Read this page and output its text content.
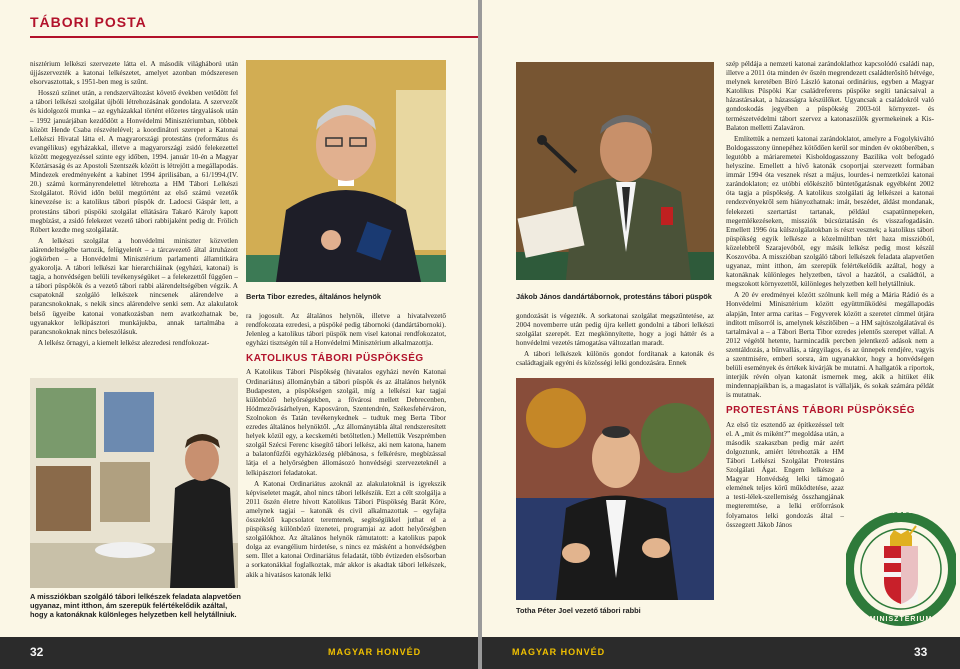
TÁBORI POSTA

nisztérium lelkészi szervezete látta el. A második világháború után újjászervezték a katonai lelkészetet, amelyet azonban módszeresen elsorvasztottak, s 1951-ben meg is szűnt.

Hosszú szünet után, a rendszerváltozást követő években vetődött fel a tábori lelkészi szolgálat újbóli létrehozásának gondolata. A szervezőt és kidolgozói munka – az egyházakkal történt előzetes tárgyalások után – 1992 januárjában kezdődött a Honvédelmi Minisztériumban, többek között Hende Csaba részvételével; a koordinátori szerepet a Katonai Lelkészi Hivatal látta el. A magyarországi protestáns (református és evangélikus) egyházakkal, illetve a magyarországi zsidó felekezettel között megegyezéssel szinte egy időben, 1994. január 10-én a Magyar Köztársaság és az Apostoli Szentszék között is létrejött a megállapodás. Mindezek eredményeként a kabinet 1994 áprilisában, a 61/1994.(IV. 20.) számú kormányrendelettel létrehozta a HM Tábori Lelkészi Szolgálatot. Rövid időn belül megtörtént az első számú vezetők kinevezése is: a katolikus tábori püspök dr. Ladocsi Gáspár lett, a protestáns tábori püspöki szolgálat ellátására Takaró Károly kapott megbízást, a zsidó felekezet vezető tábori rabbijaként pedig dr. Frölich Róbert kezdte meg szolgálatát.

A lelkészi szolgálat a honvédelmi miniszter közvetlen alárendeltségébe tartozik, felügyeletét – a tárcavezető által átruházott jogkörben – a Honvédelmi Minisztérium parlamenti államtitkára gyakorolja. A tábori lelkészi kar hierarchiáinak (egyházi, katonai) is tagja, a honvédségen belüli tevékenységüket – a felekezettől függően – a tábori püspökök és a vezető tábori rabbi alárendeltségében végzik. A csapatoknál szolgáló lelkészek nincsenek alárendelve a parancsnokoknak, s nekik sincs alárendelve senki sem. Az alakulatok belső ügyeibe katonai vonatkozásban nem avatkozhatnak be, ugyanakkor lelkipásztori munkájukba, annak tartalmába a parancsnokoknak nincs beleszólásuk.

A lelkész őrnagyi, a kiemelt lelkész alezredesi rendfokozat-

Berta Tibor ezredes, általános helynök

ra jogosult. Az általános helynök, illetve a hivatalvezető rendfokozata ezredesi, a püspöké pedig tábornoki (dandártábornoki). Jelenleg a katolikus tábori püspök nem visel katonai rendfokozatot, egyházi tisztségén túl a Honvédelmi Minisztérium alkalmazottja.

KATOLIKUS TÁBORI PÜSPÖKSÉG

A Katolikus Tábori Püspökség (hivatalos egyházi nevén Katonai Ordinariátus) állománybán a tábori püspök és az általános helynök Budapesten, a püspökségen szolgál, míg a lelkészi kar tagjai különböző helyőrségekben, a fővárosi mellett Debrecenben, Hódmezővásárhelyen, Kaposváron, Szentendrén, Székesfehérváron, Szolnokon és Tatán tevékenykednek – tudtuk meg Berta Tibor ezredes általános helynöktől. „Az állománytábla által rendszeresített helyek közül egy, a kecskeméti betöltetlen.) Mellettük Veszprémben szolgál Szécsi Ferenc kisegítő tábori lelkész, aki nem katona, hanem a balatonfűzfői egyházközség plébánosa, s felkérésre, megbízással látja el a helyőrségben állomásozó honvédségi szervezeteknél a lelkipásztori feladatokat.

A Katonai Ordinariátus azoknál az alakulatoknál is igyekszik képviseletet magát, ahol nincs tábori lelkészük. Ezt a célt szolgálja a 2011 őszén életre hívott Katolikus Tábori Püspökség Barát Köre, amelynek tagjai – katonák és civil alkalmazottak – egyfajta összekötő kapcsolatot teremtenek, segítségükkel juthat el a püspökség különböző üzenetei, programjai az adott helyőrségben szolgálókhoz. Az általános helynök rámutatott: a katolikus papok dolga az evangélium hirdetése, s nincs ez másként a honvédségben sem. Illet a katonai Ordinariátus feladatát, több évtizeden elsősorban a sorkatonákkal foglalkoztak, már akkor is akadtak tábori lelkészek, akik a hivatásos katonák lelki

A missziókban szolgáló tábori lelkészek feladata alapvetően ugyanaz, mint itthon, ám szerepük felértékelődik azáltal, hogy a katonáknak különleges helyzetben kell helytállniuk.
32	MAGYAR HONVÉD
Jákob János dandártábornok, protestáns tábori püspök

gondozását is végezték. A sorkatonai szolgálat megszűntetése, az 2004 novemberre után pedig újra kellett gondolni a tábori lelkészi szolgálat szerepét. Ezt megkönnyítette, hogy a jogi háttér és a honvédelmi vezetés támogatása változatlan maradt.

A tábori lelkészek különös gondot fordítanak a katonák és családtagjaik egyéni és közösségi lelki gondozására. Ennek

Totha Péter Joel vezető tábori rabbi

szép példája a nemzeti katonai zarándoklathoz kapcsolódó családi nap, illetve a 2011 óta minden év őszén megrendezett családterősítő hétvége, melynek keretében Bíró László katonai ordinárius, egyben a Magyar Katolikus Püspöki Kar családreferens püspöke segíti tanácsaival a házastársakat, a házasságra készülőket. Ugyancsak a családokról való gondoskodás jegyében a püspökség 2003-tól környezet- és természetvédelmi tábort szervez a katonaszülők gyermekeinek a Kis-Balaton melletti Zalaváron.

Említettük a nemzeti katonai zarándoklatot, amelyre a Fogolykiváltó Boldogasszony ünnepéhez kötődően kerül sor minden év októberében, s legutóbb a máriaremetei Kisboldogasszony Bazilika volt befogadó helyszíne. Emellett a hívő katonák csoportjai szervezett formában immár 1994 óta vesznek részt a május, lourdes-i nemzetközi katonai zarándoklaton; ez utóbbi előkészítő büntetőgatásnak egyébként 2002 óta tagja a püspökség. A katolikus szolgálati ág lelkészei a katonai rendezvényekről sem hiányozhatnak: imát, beszédet, áldást mondanak, felekezeti szertartást tartanak, például csapatünnepeken, megemlékezéseken, missziók búcsúztatásán és visszafogadásán. Emellett 1996 óta külszolgálatokban is részt vesznek; a katolikus tábori püspökség egyik lelkésze a közelmúltban tért haza misszióból, közelebbről Szarajevóból, egy másik lelkész pedig most készül Koszovóba. A misszióban szolgáló tábori lelkészek feladata alapvetően ugyanaz, mint itthon, ám szerepük felértékelődik azáltal, hogy a katonáknak különleges helyzetben, távol a hazától, a családtól, a megszokott környezettől, különleges helyzetben kell helytállniuk.

A 20 év eredményei között szólnunk kell még a Mária Rádió és a Honvédelmi Minisztérium között együttműködési megállapodás alapján, Inter arma caritas – Fegyverek között a szeretet címmel útjára indított műsorról is, amelynek készítőiben – a HM sajtószolgálatával és tartalmával a – a Tábori Berta Tibor ezredes jelentős szerepet vállal. A 2012 végétől hetente, harmincadik percben jelentkező adások nem a szentáldozás, a bűnvallás, a tárgyilagos, és az ünnepek rendjére, vagyis a szentmisére, emberi sorsra, ám ugyanakkor, hogy a honvédségen belüli események és értékek kivárják be mutatni. A hallgatók a riportok, interjúk révén olyan katonát ismernek meg, akik a hitüket élik mindennapjaikban is, a magaslatot is vállalják, és sokak számára példát is mutatnak.

PROTESTÁNS TÁBORI PÜSPÖKSÉG

Az első tíz esztendő az építkezéssel telt el. A „mit és miként?” megoldása után, a második szakaszban pedig már azért dolgoztunk, amiért létrehozták a HM Tábori Lelkészi Szolgálat Protestáns Szolgálati Ágat. Engem lelkésze a Magyar Honvédség lelki támogató elemének teljes körű működtetése, azaz a testi-lélek-szellemiség összhangjának megteremtése, a lelki erőforrások folyamatos lelki gondozás által – összegzett Jákob János

HONVÉDELMI
MINISZTÉRIUM
MAGYAR HONVÉD	33
